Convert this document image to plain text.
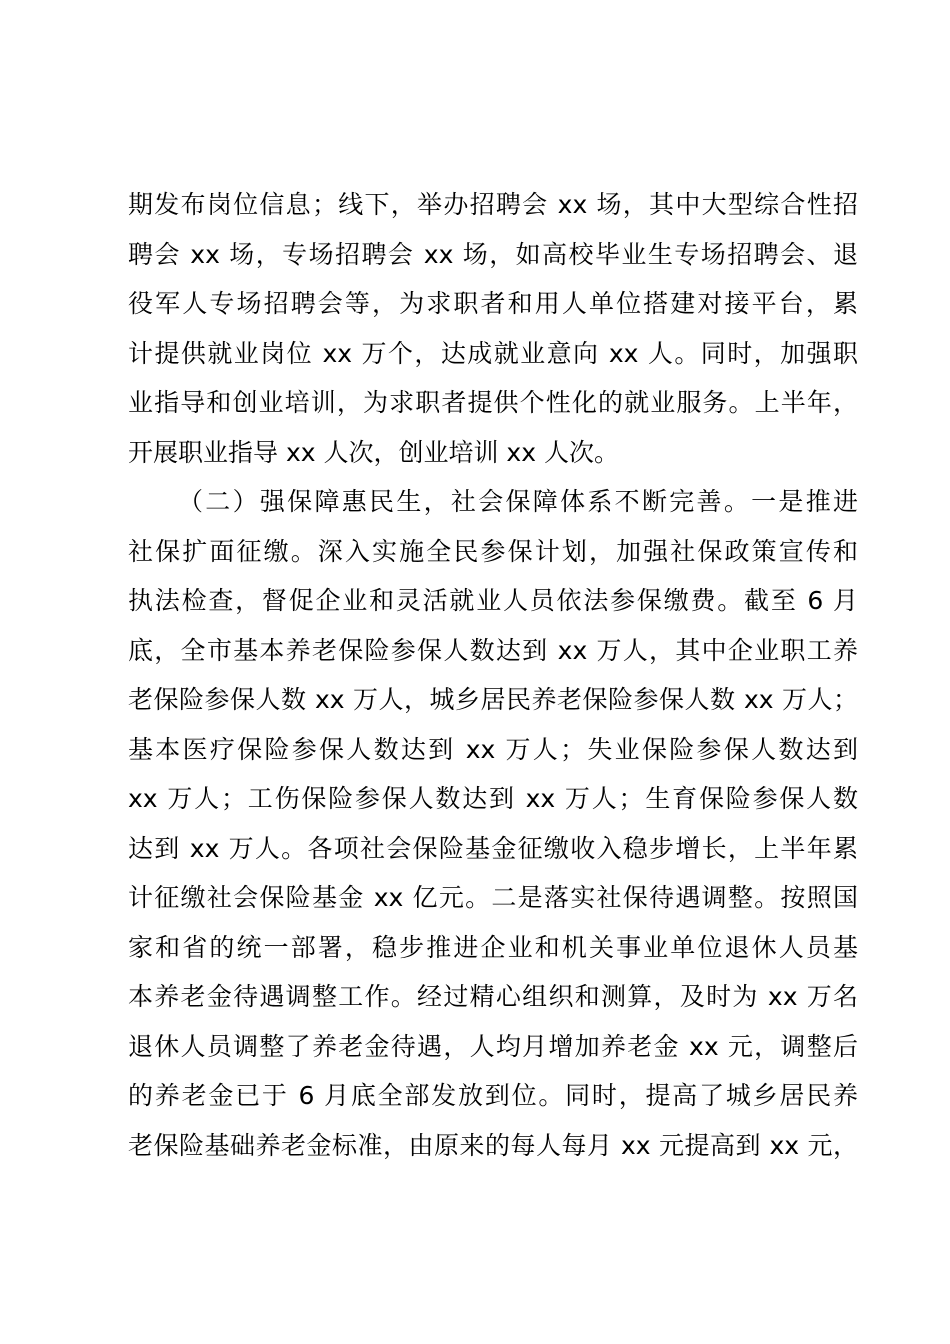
期发布岗位信息；线下，举办招聘会 xx 场，其中大型综合性招
聘会 xx 场，专场招聘会 xx 场，如高校毕业生专场招聘会、退
役军人专场招聘会等，为求职者和用人单位搭建对接平台，累
计提供就业岗位 xx 万个，达成就业意向 xx 人。同时，加强职
业指导和创业培训，为求职者提供个性化的就业服务。上半年，
开展职业指导 xx 人次，创业培训 xx 人次。
（二）强保障惠民生，社会保障体系不断完善。一是推进
社保扩面征缴。深入实施全民参保计划，加强社保政策宣传和
执法检查，督促企业和灵活就业人员依法参保缴费。截至 6 月
底，全市基本养老保险参保人数达到 xx 万人，其中企业职工养
老保险参保人数 xx 万人，城乡居民养老保险参保人数 xx 万人；
基本医疗保险参保人数达到 xx 万人；失业保险参保人数达到
xx 万人；工伤保险参保人数达到 xx 万人；生育保险参保人数
达到 xx 万人。各项社会保险基金征缴收入稳步增长，上半年累
计征缴社会保险基金 xx 亿元。二是落实社保待遇调整。按照国
家和省的统一部署，稳步推进企业和机关事业单位退休人员基
本养老金待遇调整工作。经过精心组织和测算，及时为 xx 万名
退休人员调整了养老金待遇，人均月增加养老金 xx 元，调整后
的养老金已于 6 月底全部发放到位。同时，提高了城乡居民养
老保险基础养老金标准，由原来的每人每月 xx 元提高到 xx 元，
